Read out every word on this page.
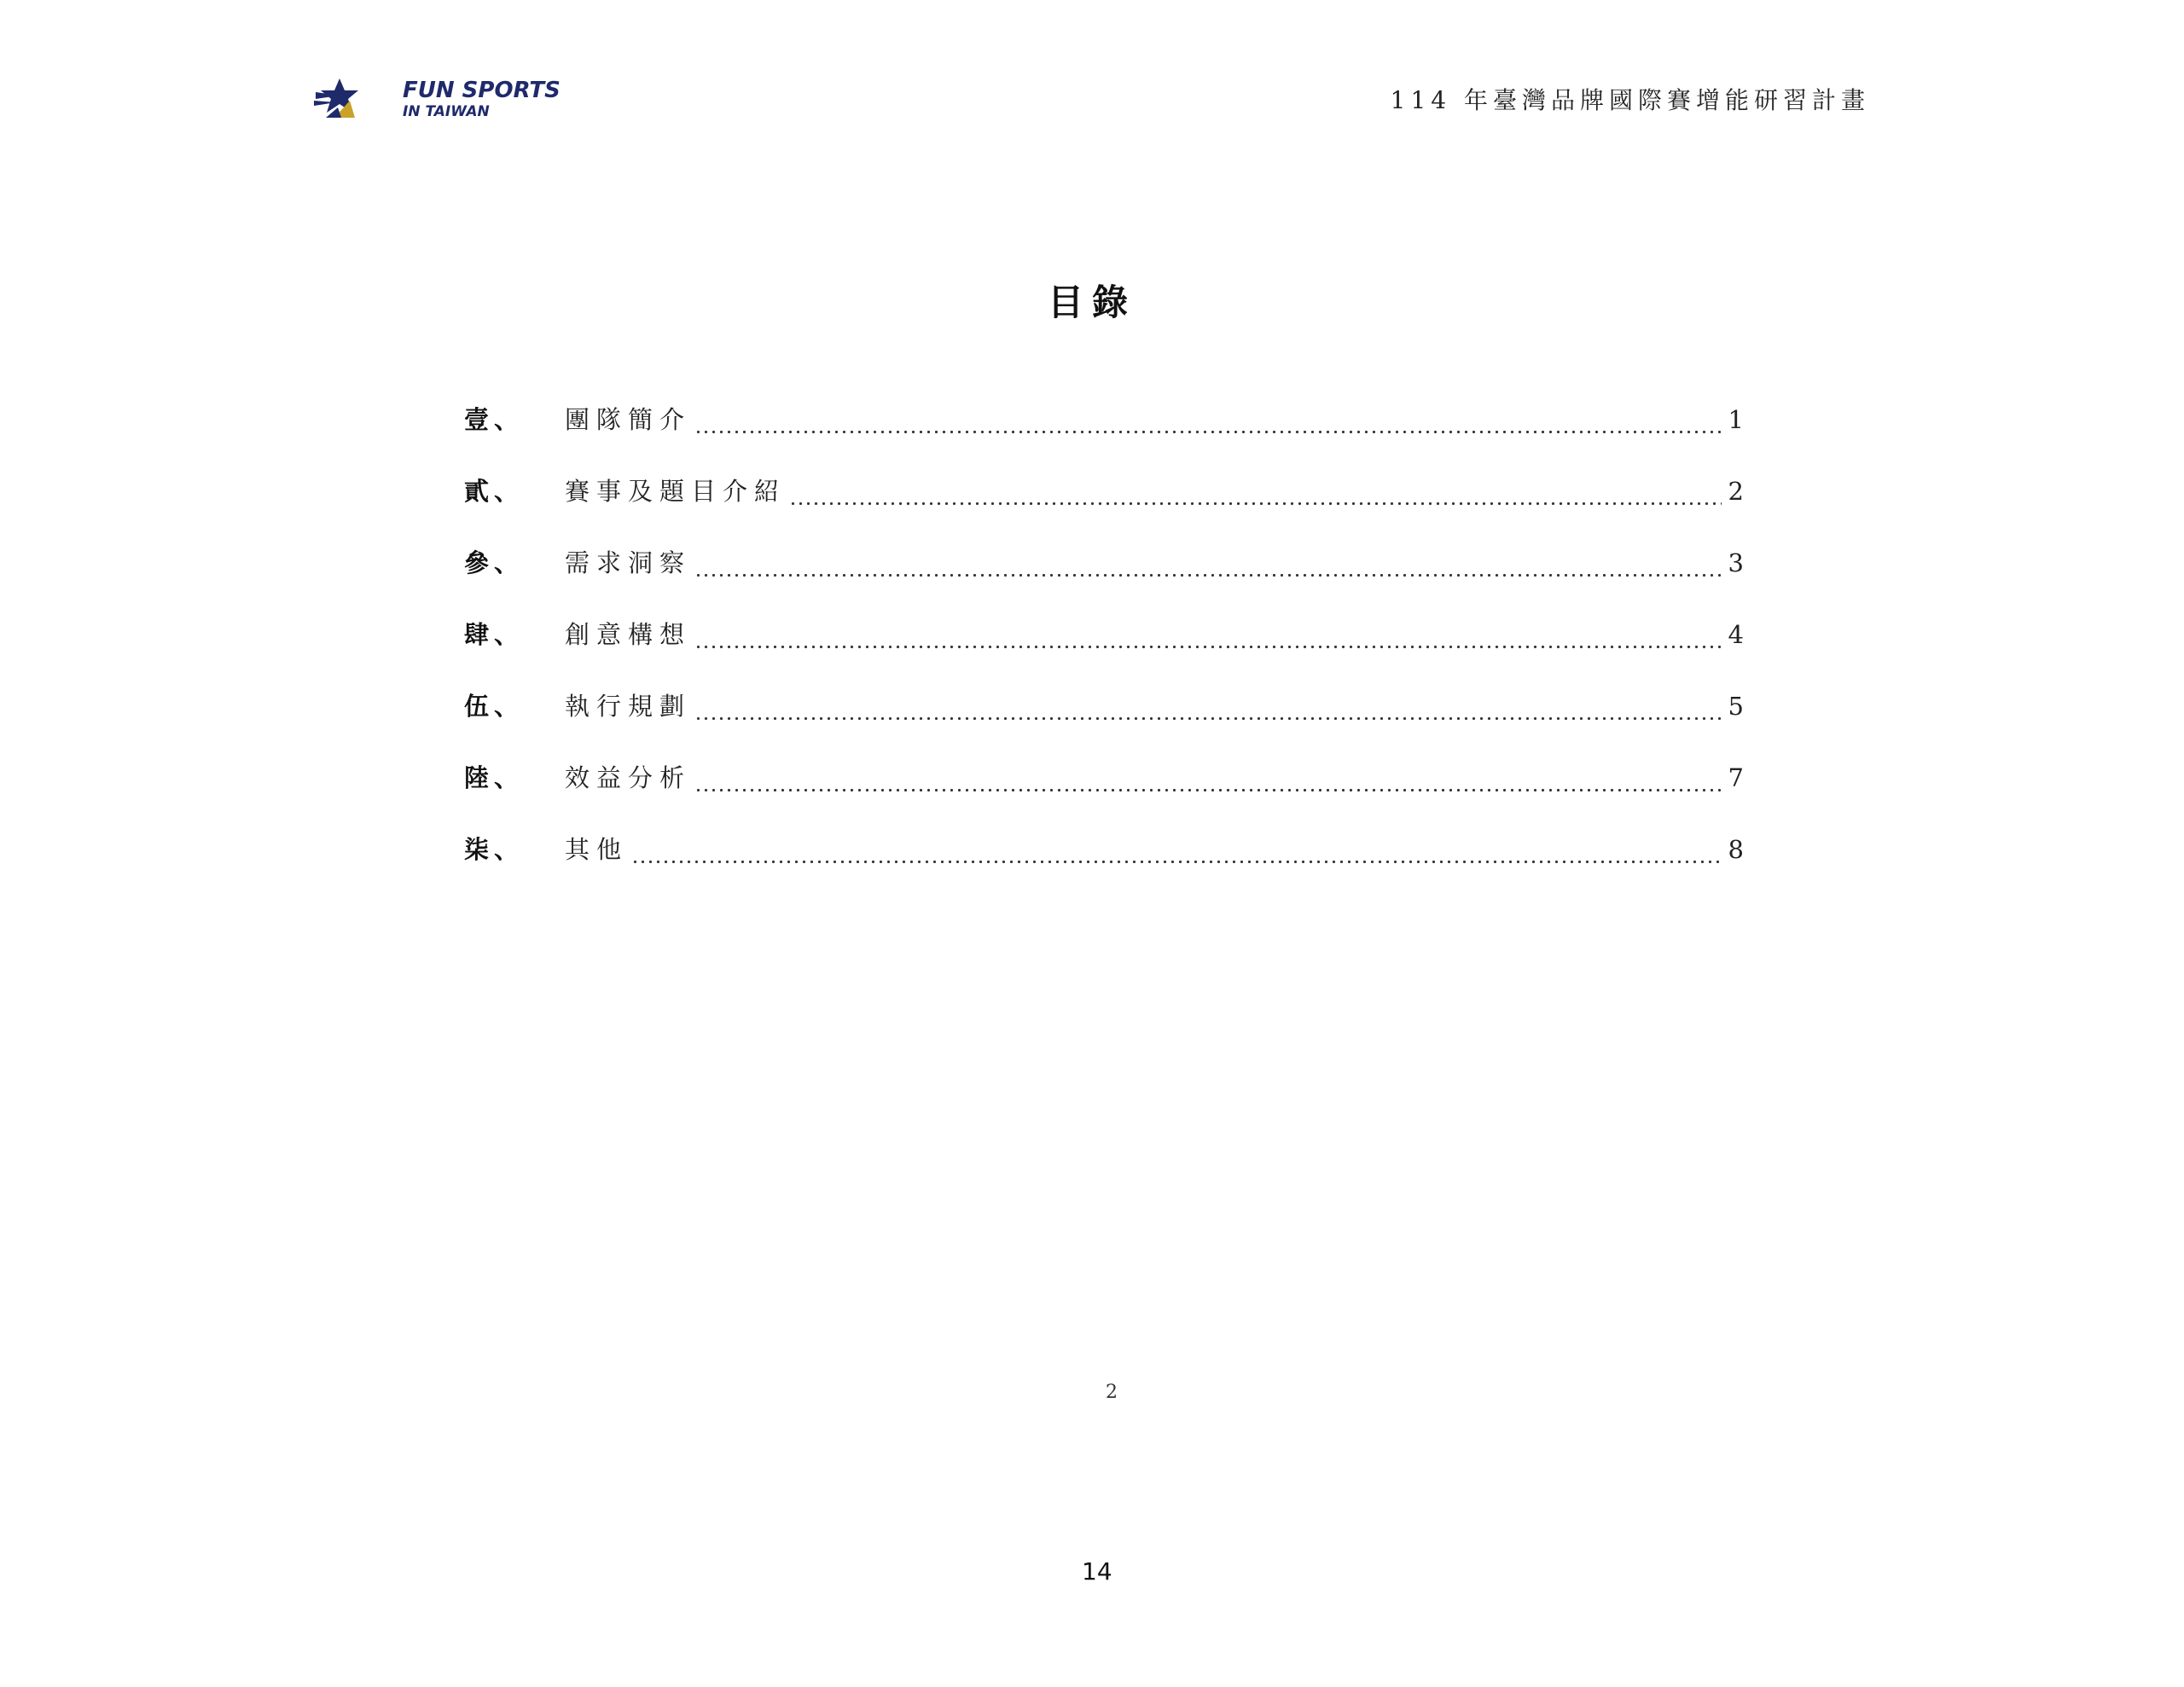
FUN SPORTS
IN TAIWAN	114 年臺灣品牌國際賽增能研習計畫
目錄
壹、	團隊簡介	1
貳、	賽事及題目介紹	2
參、	需求洞察	3
肆、	創意構想	4
伍、	執行規劃	5
陸、	效益分析	7
柒、	其他	8
2
14
